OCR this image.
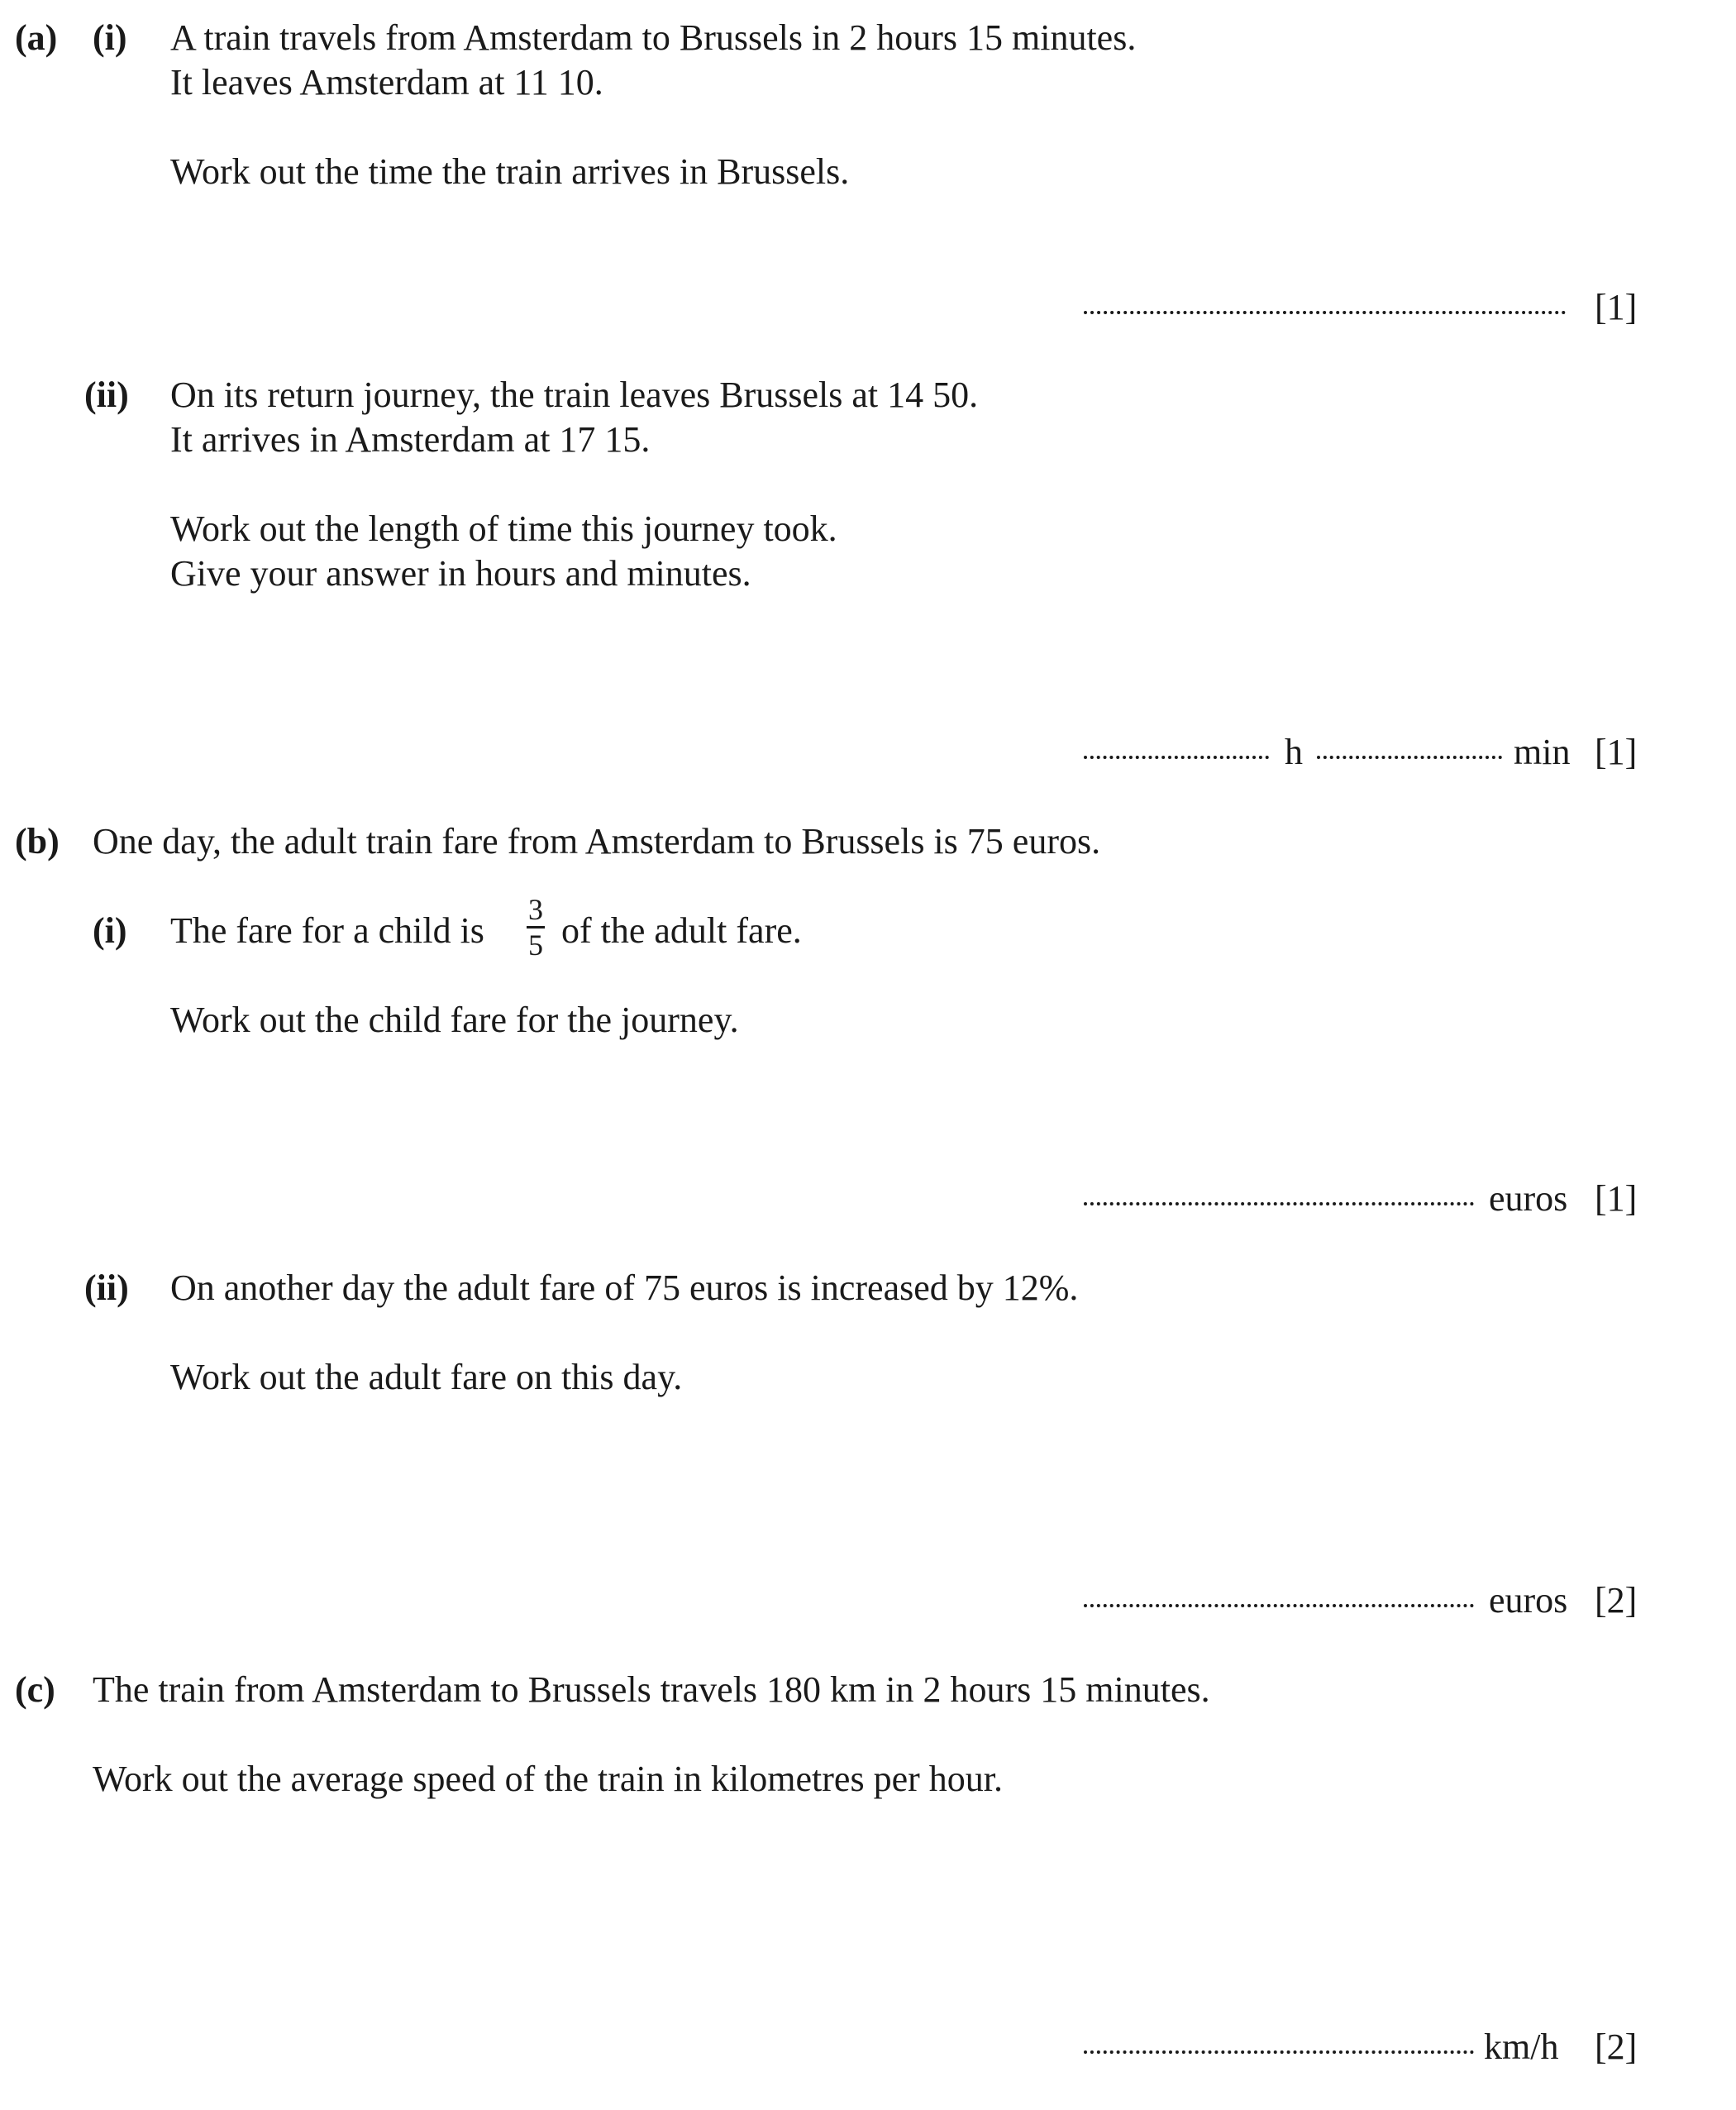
(a) (i) A train travels from Amsterdam to Brussels in 2 hours 15 minutes.
It leaves Amsterdam at 11 10.
Work out the time the train arrives in Brussels.
[1]
(ii) On its return journey, the train leaves Brussels at 14 50.
It arrives in Amsterdam at 17 15.
Work out the length of time this journey took.
Give your answer in hours and minutes.
h	min [1]
(b) One day, the adult train fare from Amsterdam to Brussels is 75 euros.
(i) The fare for a child is
3
5 of the adult fare.
Work out the child fare for the journey.
euros [1]
(ii) On another day the adult fare of 75 euros is increased by 12%.
Work out the adult fare on this day.
euros [2]
(c) The train from Amsterdam to Brussels travels 180 km in 2 hours 15 minutes.
Work out the average speed of the train in kilometres per hour.
km/h [2]
